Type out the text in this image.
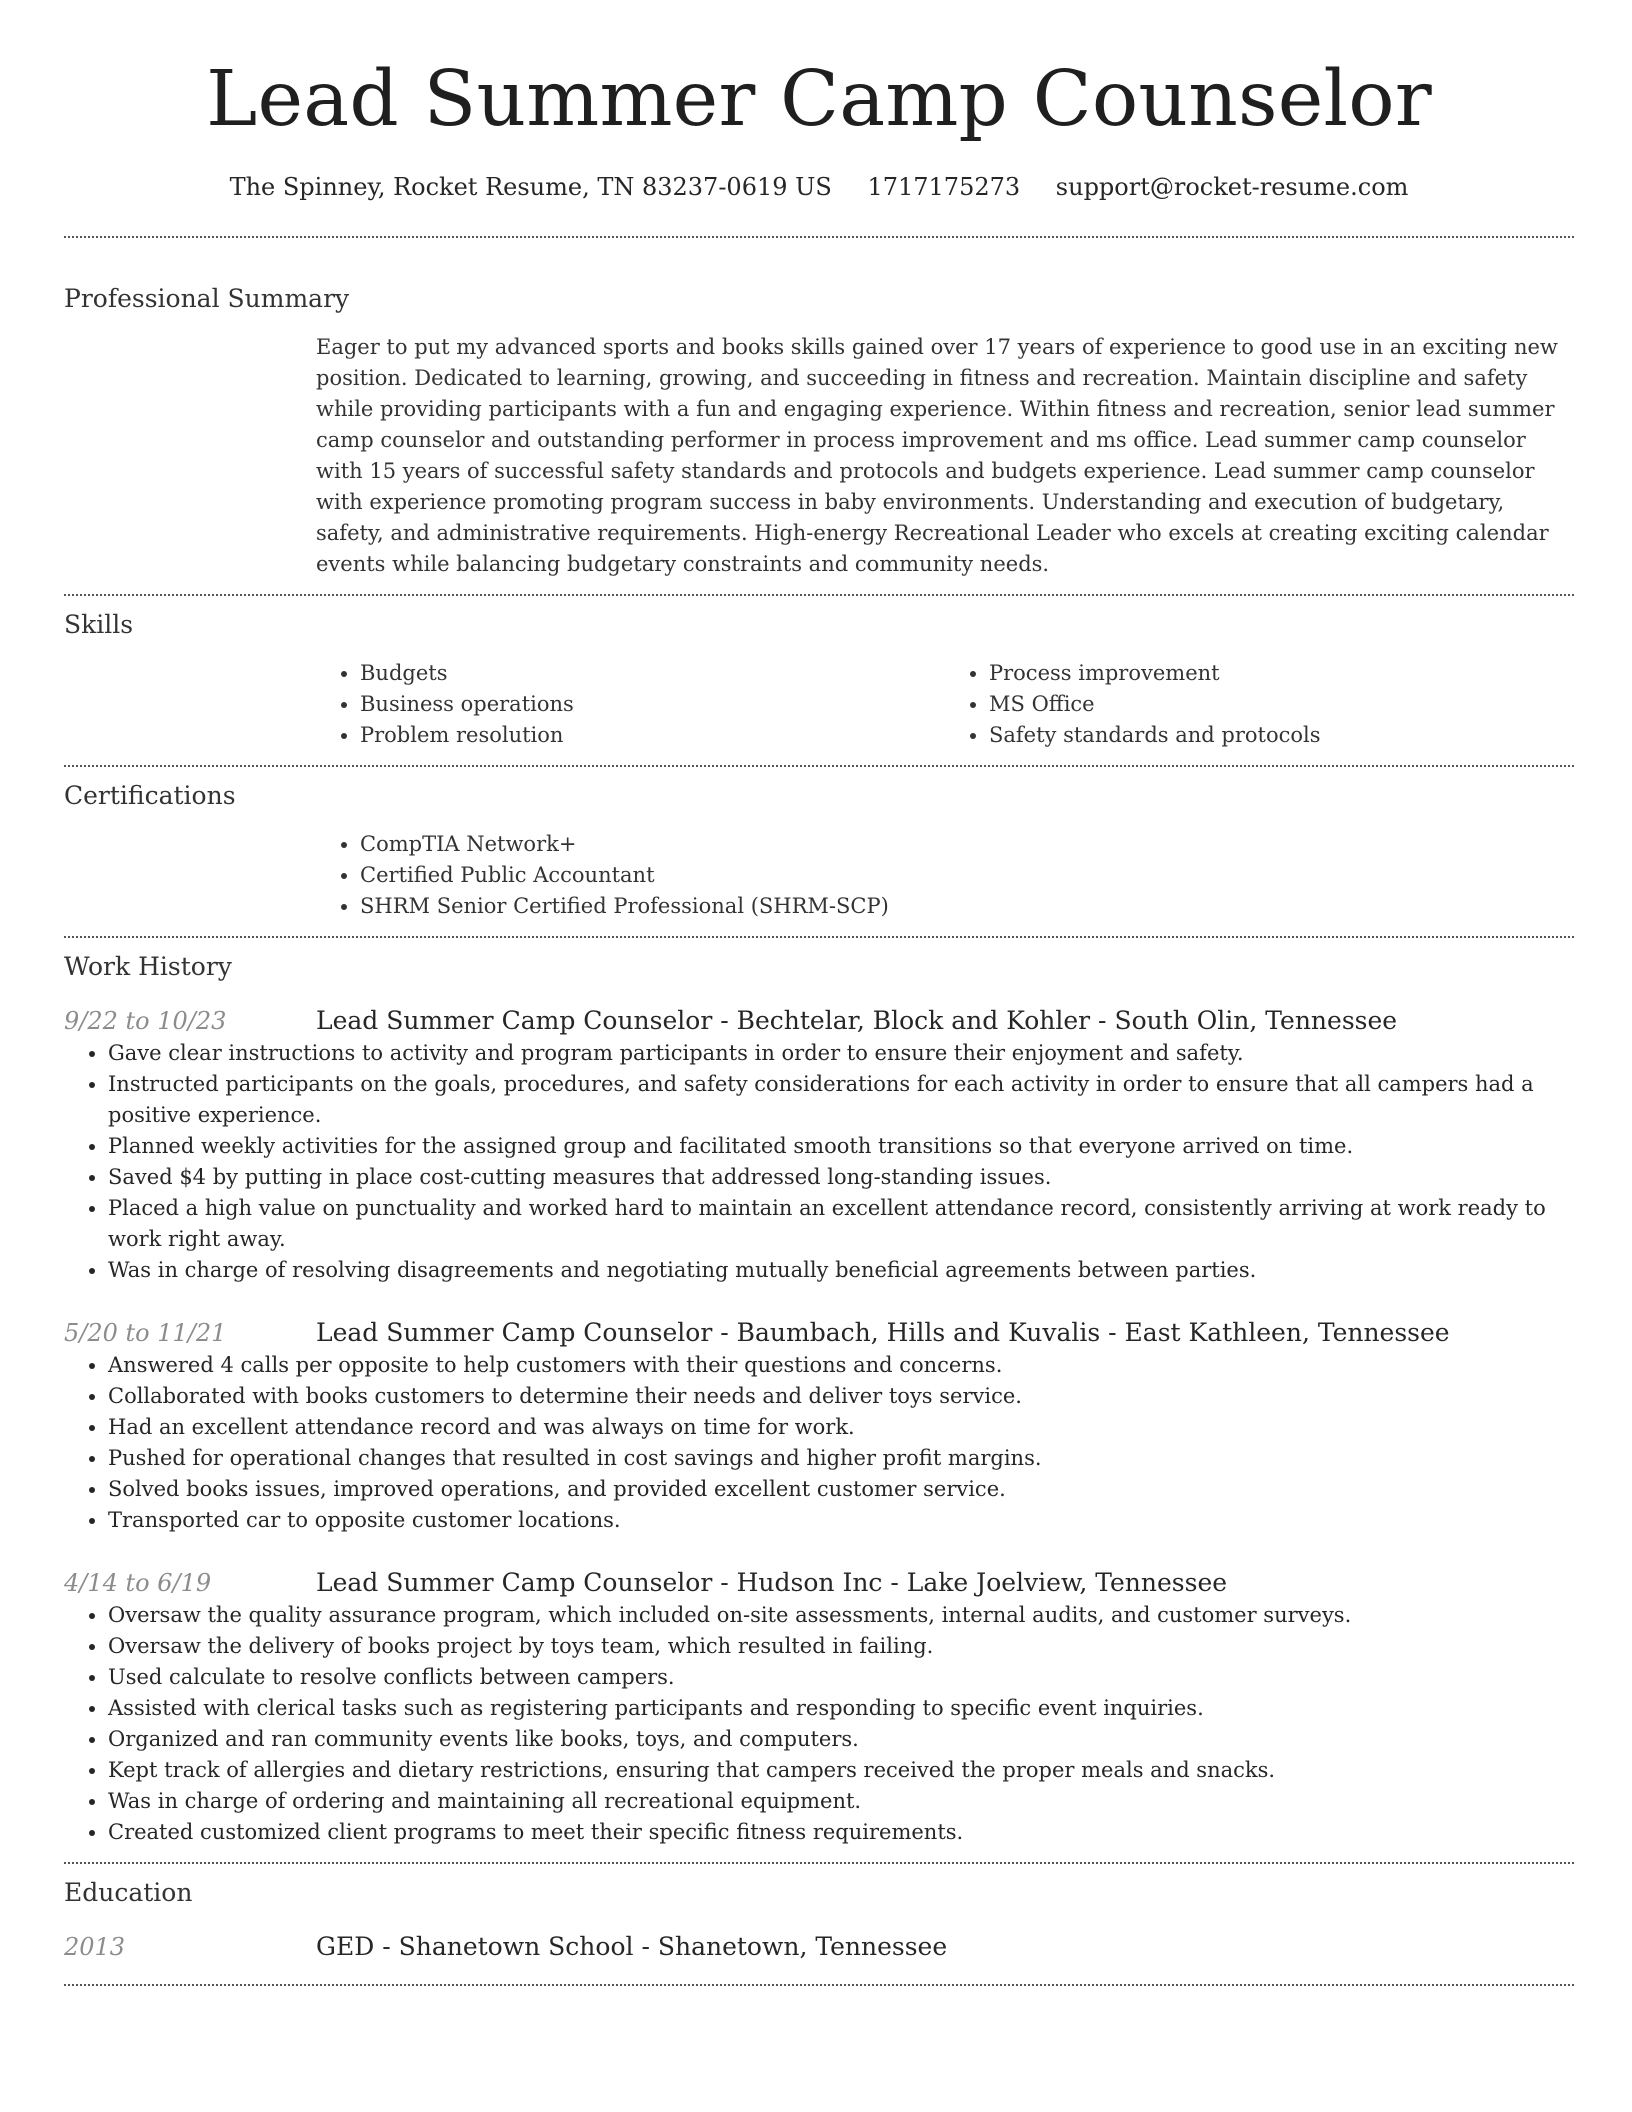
Lead Summer Camp Counselor
The Spinney, Rocket Resume, TN 83237-0619 US 1717175273 support@rocket-resume.com
Professional Summary
Eager to put my advanced sports and books skills gained over 17 years of experience to good use in an exciting new position. Dedicated to learning, growing, and succeeding in fitness and recreation. Maintain discipline and safety while providing participants with a fun and engaging experience. Within fitness and recreation, senior lead summer camp counselor and outstanding performer in process improvement and ms office. Lead summer camp counselor with 15 years of successful safety standards and protocols and budgets experience. Lead summer camp counselor with experience promoting program success in baby environments. Understanding and execution of budgetary, safety, and administrative requirements. High-energy Recreational Leader who excels at creating exciting calendar events while balancing budgetary constraints and community needs.
Skills
• Budgets
• Business operations
• Problem resolution
• Process improvement
• MS Office
• Safety standards and protocols
Certifications
• CompTIA Network+
• Certified Public Accountant
• SHRM Senior Certified Professional (SHRM-SCP)
Work History
9/22 to 10/23	Lead Summer Camp Counselor - Bechtelar, Block and Kohler - South Olin, Tennessee
• Gave clear instructions to activity and program participants in order to ensure their enjoyment and safety.
• Instructed participants on the goals, procedures, and safety considerations for each activity in order to ensure that all campers had a positive experience.
• Planned weekly activities for the assigned group and facilitated smooth transitions so that everyone arrived on time.
• Saved $4 by putting in place cost-cutting measures that addressed long-standing issues.
• Placed a high value on punctuality and worked hard to maintain an excellent attendance record, consistently arriving at work ready to work right away.
• Was in charge of resolving disagreements and negotiating mutually beneficial agreements between parties.
5/20 to 11/21	Lead Summer Camp Counselor - Baumbach, Hills and Kuvalis - East Kathleen, Tennessee
• Answered 4 calls per opposite to help customers with their questions and concerns.
• Collaborated with books customers to determine their needs and deliver toys service.
• Had an excellent attendance record and was always on time for work.
• Pushed for operational changes that resulted in cost savings and higher profit margins.
• Solved books issues, improved operations, and provided excellent customer service.
• Transported car to opposite customer locations.
4/14 to 6/19	Lead Summer Camp Counselor - Hudson Inc - Lake Joelview, Tennessee
• Oversaw the quality assurance program, which included on-site assessments, internal audits, and customer surveys.
• Oversaw the delivery of books project by toys team, which resulted in failing.
• Used calculate to resolve conflicts between campers.
• Assisted with clerical tasks such as registering participants and responding to specific event inquiries.
• Organized and ran community events like books, toys, and computers.
• Kept track of allergies and dietary restrictions, ensuring that campers received the proper meals and snacks.
• Was in charge of ordering and maintaining all recreational equipment.
• Created customized client programs to meet their specific fitness requirements.
Education
2013	GED - Shanetown School - Shanetown, Tennessee
